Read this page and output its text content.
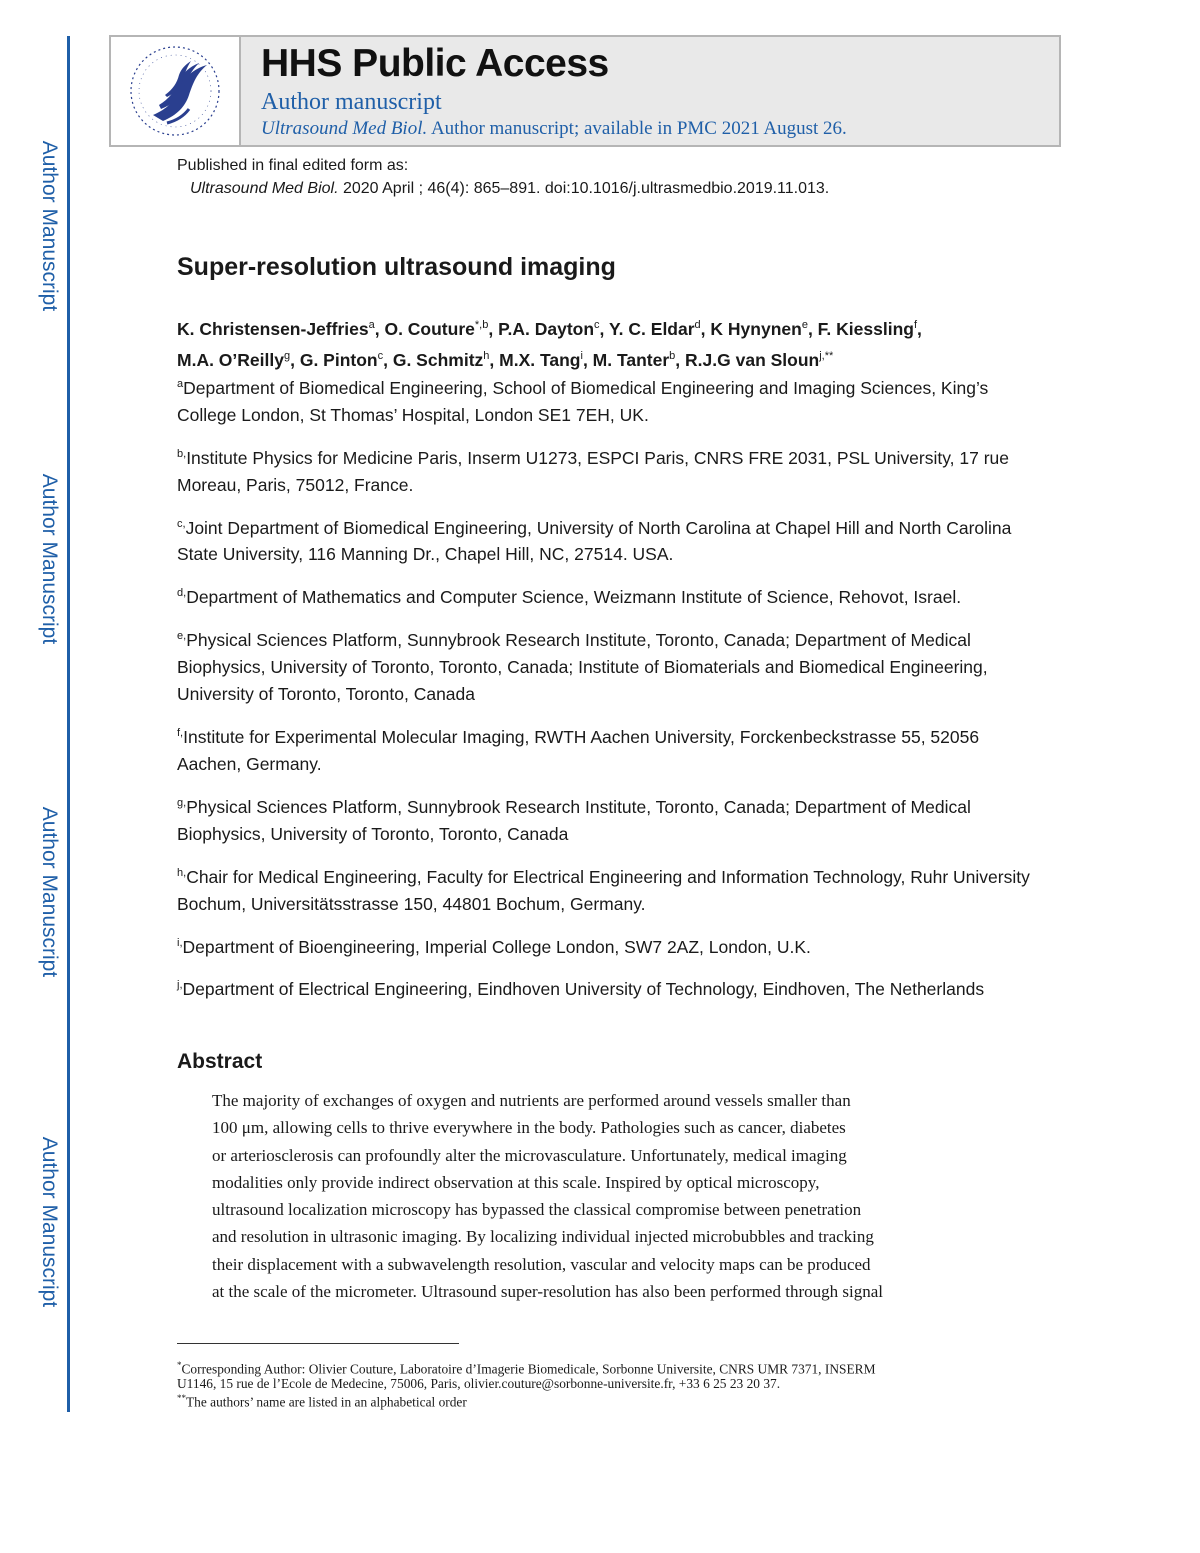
Author Manuscript
Author Manuscript
Author Manuscript
Author Manuscript
HHS Public Access
Author manuscript
Ultrasound Med Biol. Author manuscript; available in PMC 2021 August 26.
Published in final edited form as:
Ultrasound Med Biol. 2020 April ; 46(4): 865–891. doi:10.1016/j.ultrasmedbio.2019.11.013.
Super-resolution ultrasound imaging
K. Christensen-Jeffries$^a$, O. Couture$^{*,b}$, P.A. Dayton$^c$, Y. C. Eldar$^d$, K Hynynen$^e$, F. Kiessling$^f$,
M.A. O’Reilly$^g$, G. Pinton$^c$, G. Schmitz$^h$, M.X. Tang$^i$, M. Tanter$^b$, R.J.G van Sloun$^{j,**}$

$^a$Department of Biomedical Engineering, School of Biomedical Engineering and Imaging Sciences, King’s College London, St Thomas’ Hospital, London SE1 7EH, UK.

$^{b,}$Institute Physics for Medicine Paris, Inserm U1273, ESPCI Paris, CNRS FRE 2031, PSL University, 17 rue Moreau, Paris, 75012, France.

$^{c,}$Joint Department of Biomedical Engineering, University of North Carolina at Chapel Hill and North Carolina State University, 116 Manning Dr., Chapel Hill, NC, 27514. USA.

$^{d,}$Department of Mathematics and Computer Science, Weizmann Institute of Science, Rehovot, Israel.

$^{e,}$Physical Sciences Platform, Sunnybrook Research Institute, Toronto, Canada; Department of Medical Biophysics, University of Toronto, Toronto, Canada; Institute of Biomaterials and Biomedical Engineering, University of Toronto, Toronto, Canada

$^{f,}$Institute for Experimental Molecular Imaging, RWTH Aachen University, Forckenbeckstrasse 55, 52056 Aachen, Germany.

$^{g,}$Physical Sciences Platform, Sunnybrook Research Institute, Toronto, Canada; Department of Medical Biophysics, University of Toronto, Toronto, Canada

$^{h,}$Chair for Medical Engineering, Faculty for Electrical Engineering and Information Technology, Ruhr University Bochum, Universitätsstrasse 150, 44801 Bochum, Germany.

$^{i,}$Department of Bioengineering, Imperial College London, SW7 2AZ, London, U.K.

$^{j,}$Department of Electrical Engineering, Eindhoven University of Technology, Eindhoven, The Netherlands

Abstract
The majority of exchanges of oxygen and nutrients are performed around vessels smaller than
100 μm, allowing cells to thrive everywhere in the body. Pathologies such as cancer, diabetes
or arteriosclerosis can profoundly alter the microvasculature. Unfortunately, medical imaging
modalities only provide indirect observation at this scale. Inspired by optical microscopy,
ultrasound localization microscopy has bypassed the classical compromise between penetration
and resolution in ultrasonic imaging. By localizing individual injected microbubbles and tracking
their displacement with a subwavelength resolution, vascular and velocity maps can be produced
at the scale of the micrometer. Ultrasound super-resolution has also been performed through signal
*Corresponding Author: Olivier Couture, Laboratoire d’Imagerie Biomedicale, Sorbonne Universite, CNRS UMR 7371, INSERM
U1146, 15 rue de l’Ecole de Medecine, 75006, Paris, olivier.couture@sorbonne-universite.fr, +33 6 25 23 20 37.
**The authors’ name are listed in an alphabetical order
